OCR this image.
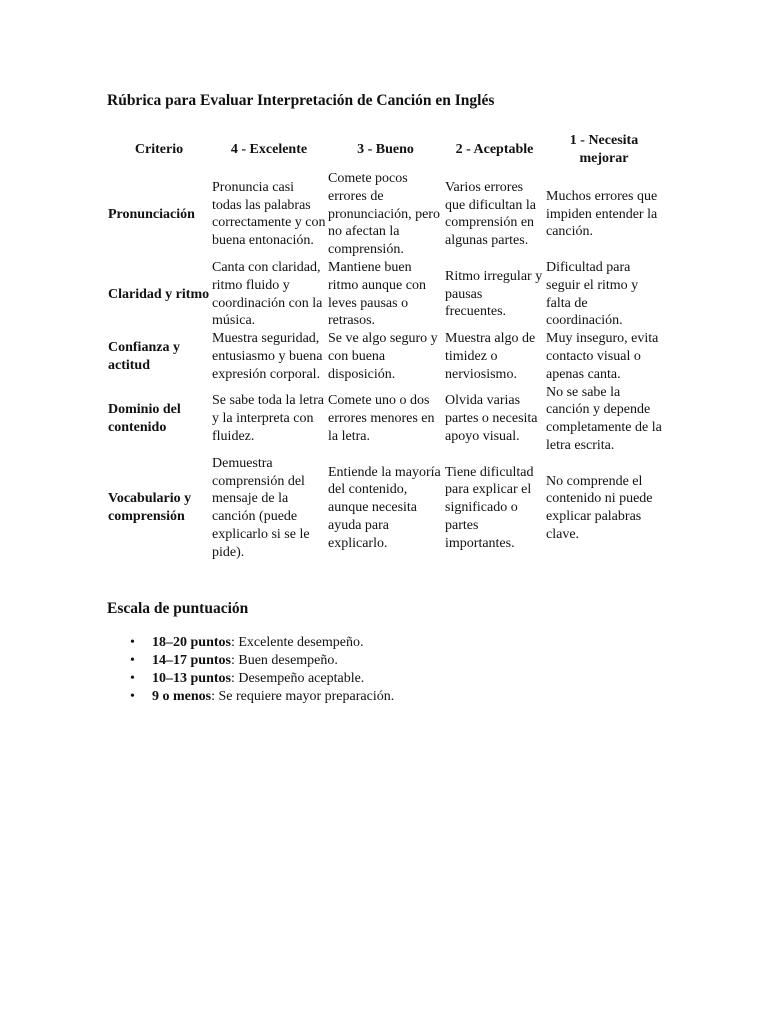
Rúbrica para Evaluar Interpretación de Canción en Inglés
Criterio	4 - Excelente	3 - Bueno	2 - Aceptable	1 - Necesita mejorar
Pronunciación	Pronuncia casi todas las palabras correctamente y con buena entonación.	Comete pocos errores de pronunciación, pero no afectan la comprensión.	Varios errores que dificultan la comprensión en algunas partes.	Muchos errores que impiden entender la canción.
Claridad y ritmo	Canta con claridad, ritmo fluido y coordinación con la música.	Mantiene buen ritmo aunque con leves pausas o retrasos.	Ritmo irregular y pausas frecuentes.	Dificultad para seguir el ritmo y falta de coordinación.
Confianza y actitud	Muestra seguridad, entusiasmo y buena expresión corporal.	Se ve algo seguro y con buena disposición.	Muestra algo de timidez o nerviosismo.	Muy inseguro, evita contacto visual o apenas canta.
Dominio del contenido	Se sabe toda la letra y la interpreta con fluidez.	Comete uno o dos errores menores en la letra.	Olvida varias partes o necesita apoyo visual.	No se sabe la canción y depende completamente de la letra escrita.
Vocabulario y comprensión	Demuestra comprensión del mensaje de la canción (puede explicarlo si se le pide).	Entiende la mayoría del contenido, aunque necesita ayuda para explicarlo.	Tiene dificultad para explicar el significado o partes importantes.	No comprende el contenido ni puede explicar palabras clave.
Escala de puntuación
• 18–20 puntos: Excelente desempeño.
• 14–17 puntos: Buen desempeño.
• 10–13 puntos: Desempeño aceptable.
• 9 o menos: Se requiere mayor preparación.
